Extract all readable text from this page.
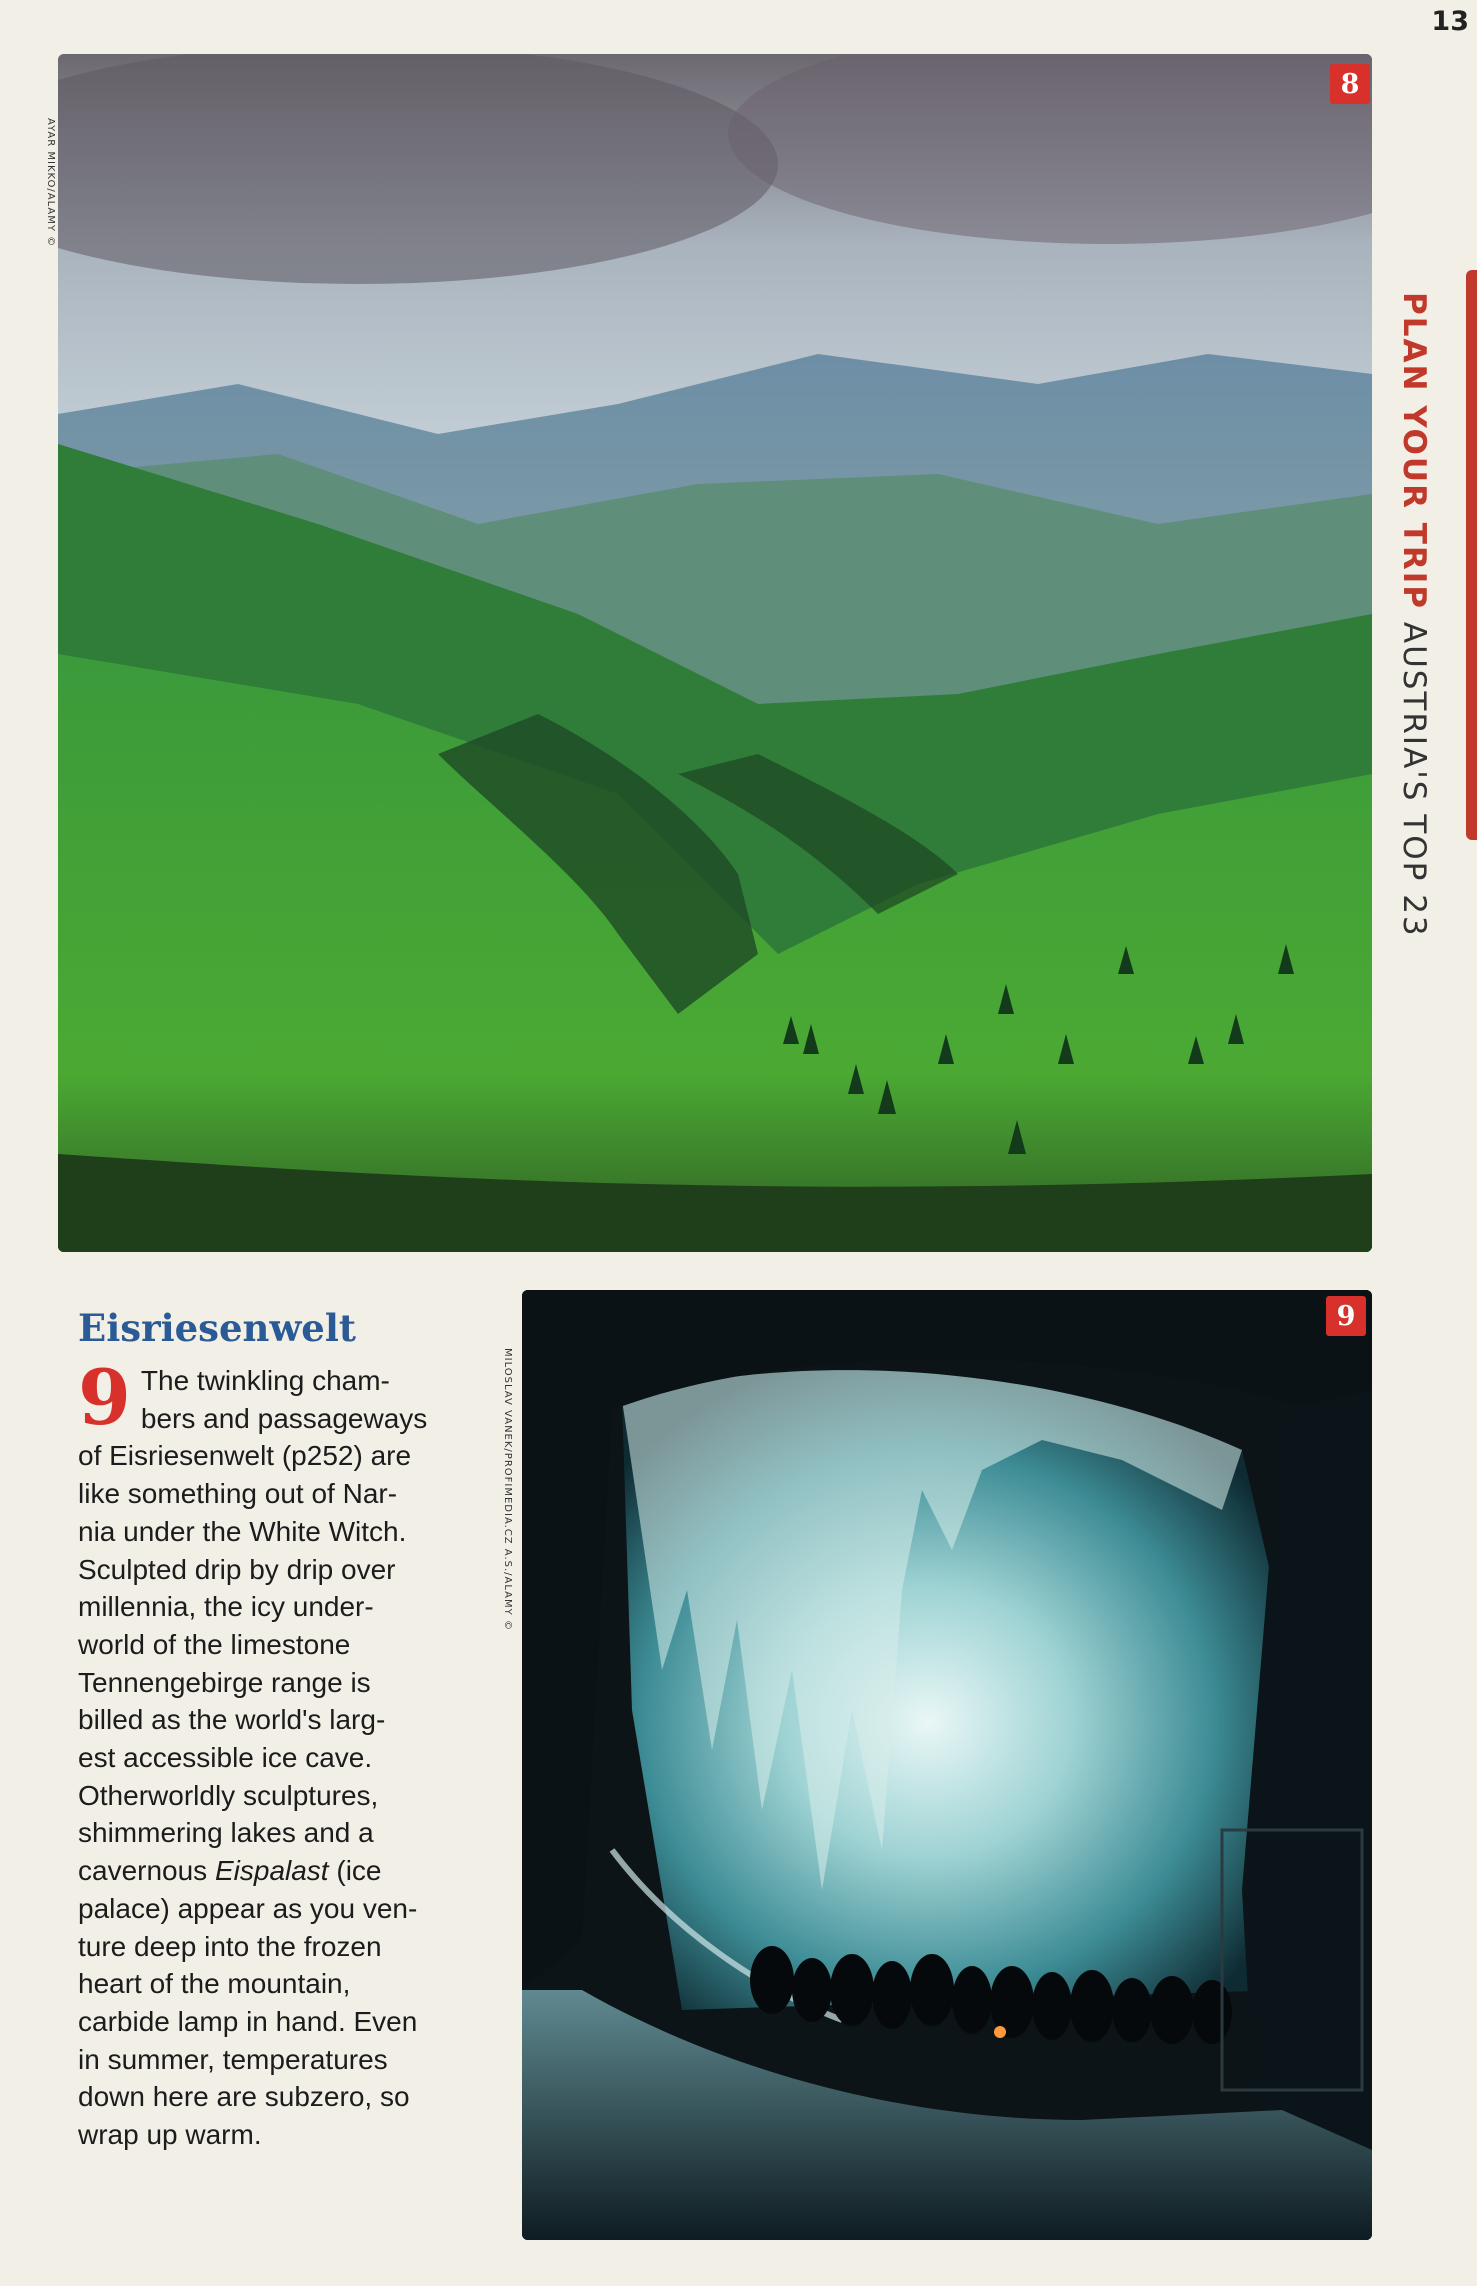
13
8
AYAR MIKKO/ALAMY ©
PLAN YOUR TRIP AUSTRIA'S TOP 23
Eisriesenwelt
9 The twinkling cham-
bers and passageways
of Eisriesenwelt (p252) are
like something out of Nar-
nia under the White Witch.
Sculpted drip by drip over
millennia, the icy under-
world of the limestone
Tennengebirge range is
billed as the world's larg-
est accessible ice cave.
Otherworldly sculptures,
shimmering lakes and a
cavernous Eispalast (ice
palace) appear as you ven-
ture deep into the frozen
heart of the mountain,
carbide lamp in hand. Even
in summer, temperatures
down here are subzero, so
wrap up warm.
9
MILOSLAV VANEK/PROFIMEDIA.CZ A.S./ALAMY ©
